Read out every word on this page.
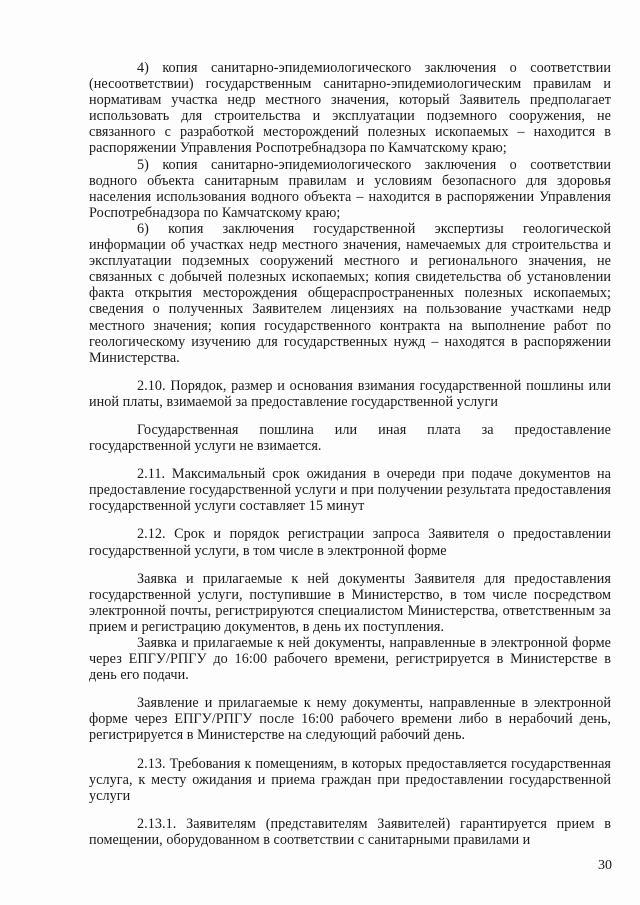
4) копия санитарно-эпидемиологического заключения о соответствии (несоответствии) государственным санитарно-эпидемиологическим правилам и нормативам участка недр местного значения, который Заявитель предполагает использовать для строительства и эксплуатации подземного сооружения, не связанного с разработкой месторождений полезных ископаемых – находится в распоряжении Управления Роспотребнадзора по Камчатскому краю;

5) копия санитарно-эпидемиологического заключения о соответствии водного объекта санитарным правилам и условиям безопасного для здоровья населения использования водного объекта – находится в распоряжении Управления Роспотребнадзора по Камчатскому краю;

6) копия заключения государственной экспертизы геологической информации об участках недр местного значения, намечаемых для строительства и эксплуатации подземных сооружений местного и регионального значения, не связанных с добычей полезных ископаемых; копия свидетельства об установлении факта открытия месторождения общераспространенных полезных ископаемых; сведения о полученных Заявителем лицензиях на пользование участками недр местного значения; копия государственного контракта на выполнение работ по геологическому изучению для государственных нужд – находятся в распоряжении Министерства.

2.10. Порядок, размер и основания взимания государственной пошлины или иной платы, взимаемой за предоставление государственной услуги

Государственная пошлина или иная плата за предоставление государственной услуги не взимается.

2.11. Максимальный срок ожидания в очереди при подаче документов на предоставление государственной услуги и при получении результата предоставления государственной услуги составляет 15 минут

2.12. Срок и порядок регистрации запроса Заявителя о предоставлении государственной услуги, в том числе в электронной форме

Заявка и прилагаемые к ней документы Заявителя для предоставления государственной услуги, поступившие в Министерство, в том числе посредством электронной почты, регистрируются специалистом Министерства, ответственным за прием и регистрацию документов, в день их поступления.

Заявка и прилагаемые к ней документы, направленные в электронной форме через ЕПГУ/РПГУ до 16:00 рабочего времени, регистрируется в Министерстве в день его подачи.

Заявление и прилагаемые к нему документы, направленные в электронной форме через ЕПГУ/РПГУ после 16:00 рабочего времени либо в нерабочий день, регистрируется в Министерстве на следующий рабочий день.

2.13. Требования к помещениям, в которых предоставляется государственная услуга, к месту ожидания и приема граждан при предоставлении государственной услуги

2.13.1. Заявителям (представителям Заявителей) гарантируется прием в помещении, оборудованном в соответствии с санитарными правилами и

30
